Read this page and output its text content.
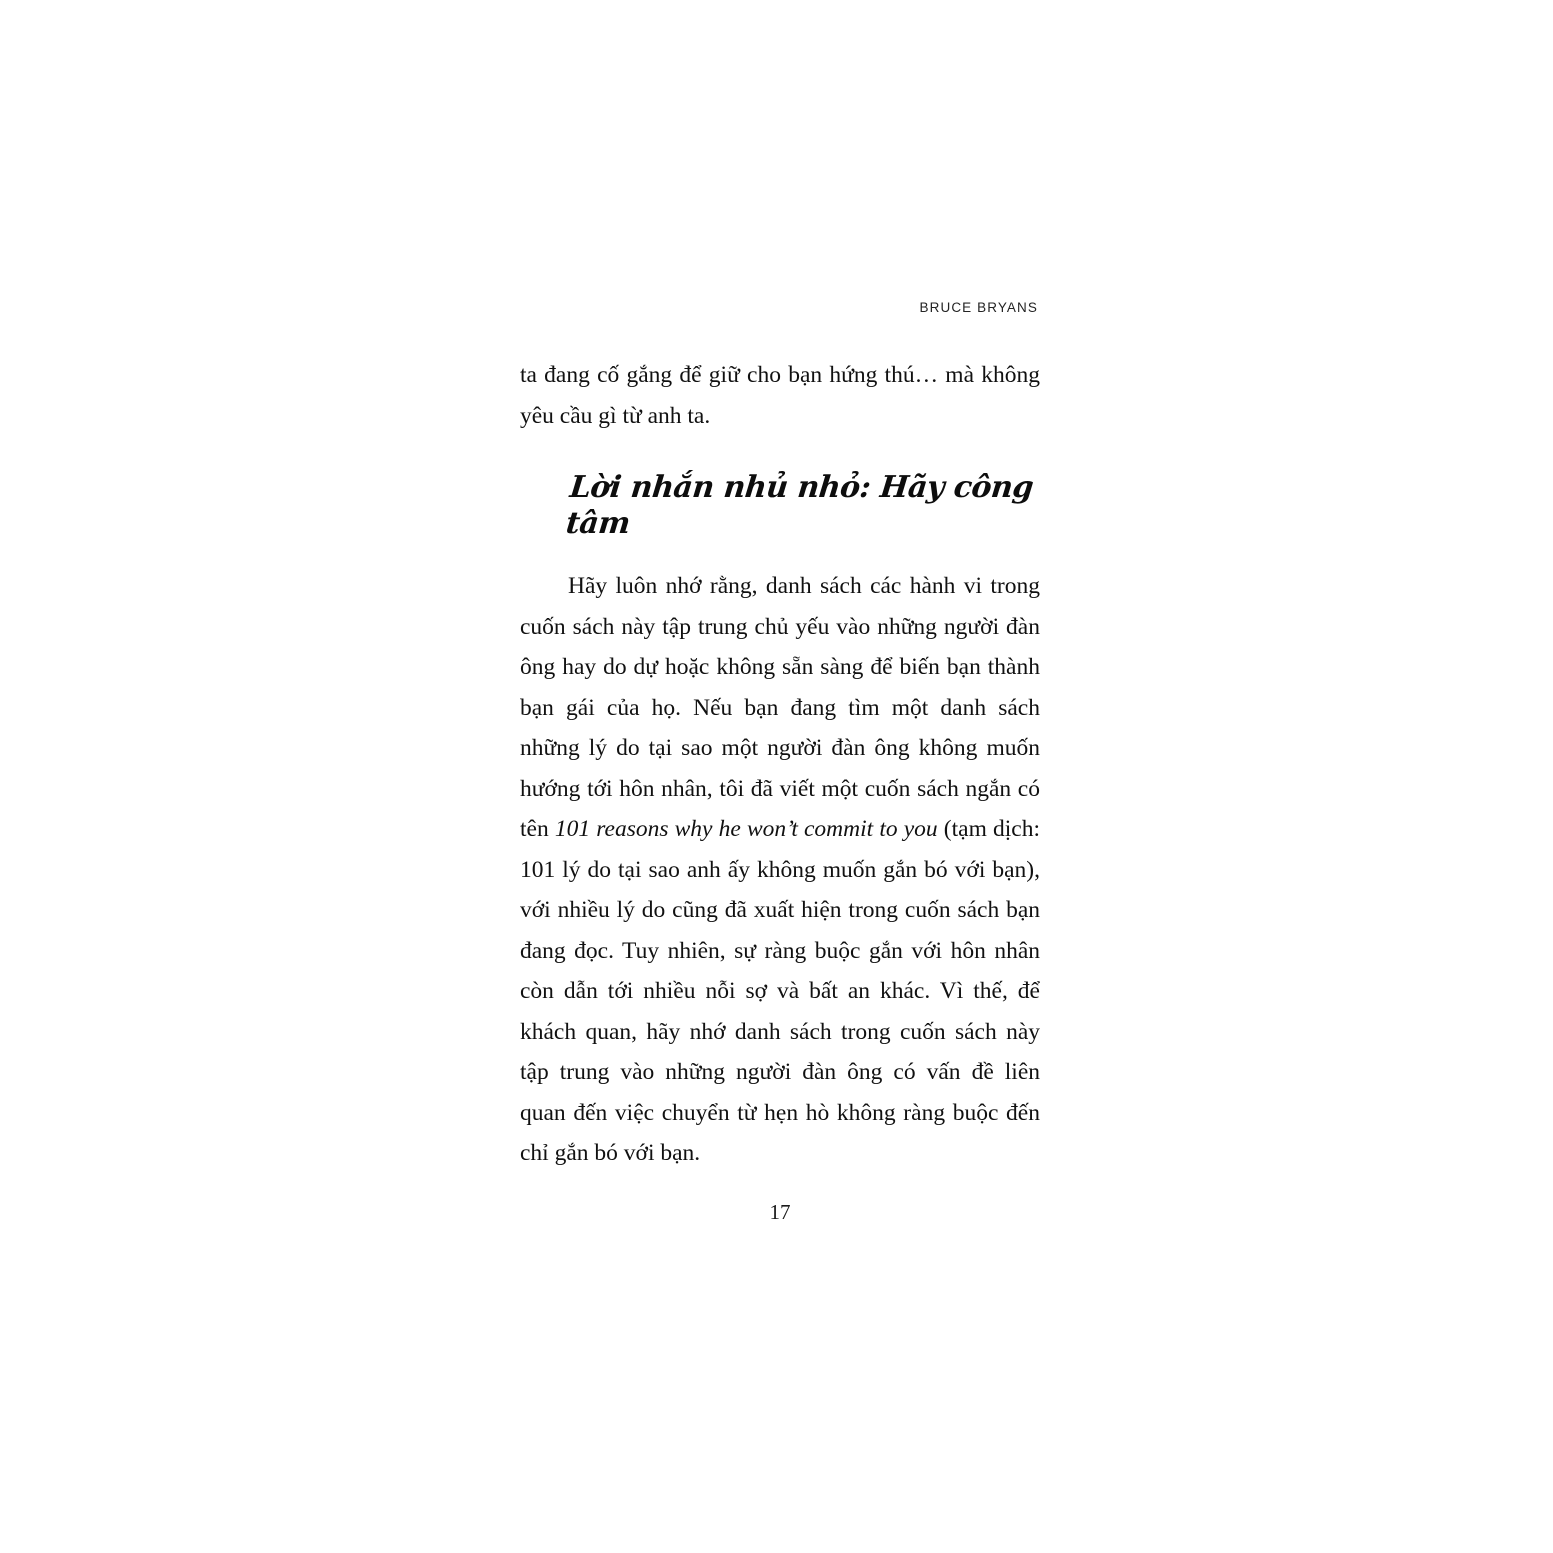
BRUCE BRYANS

ta đang cố gắng để giữ cho bạn hứng thú… mà không yêu cầu gì từ anh ta.

Lời nhắn nhủ nhỏ: Hãy công tâm

Hãy luôn nhớ rằng, danh sách các hành vi trong cuốn sách này tập trung chủ yếu vào những người đàn ông hay do dự hoặc không sẵn sàng để biến bạn thành bạn gái của họ. Nếu bạn đang tìm một danh sách những lý do tại sao một người đàn ông không muốn hướng tới hôn nhân, tôi đã viết một cuốn sách ngắn có tên 101 reasons why he won’t commit to you (tạm dịch: 101 lý do tại sao anh ấy không muốn gắn bó với bạn), với nhiều lý do cũng đã xuất hiện trong cuốn sách bạn đang đọc. Tuy nhiên, sự ràng buộc gắn với hôn nhân còn dẫn tới nhiều nỗi sợ và bất an khác. Vì thế, để khách quan, hãy nhớ danh sách trong cuốn sách này tập trung vào những người đàn ông có vấn đề liên quan đến việc chuyển từ hẹn hò không ràng buộc đến chỉ gắn bó với bạn.

17
